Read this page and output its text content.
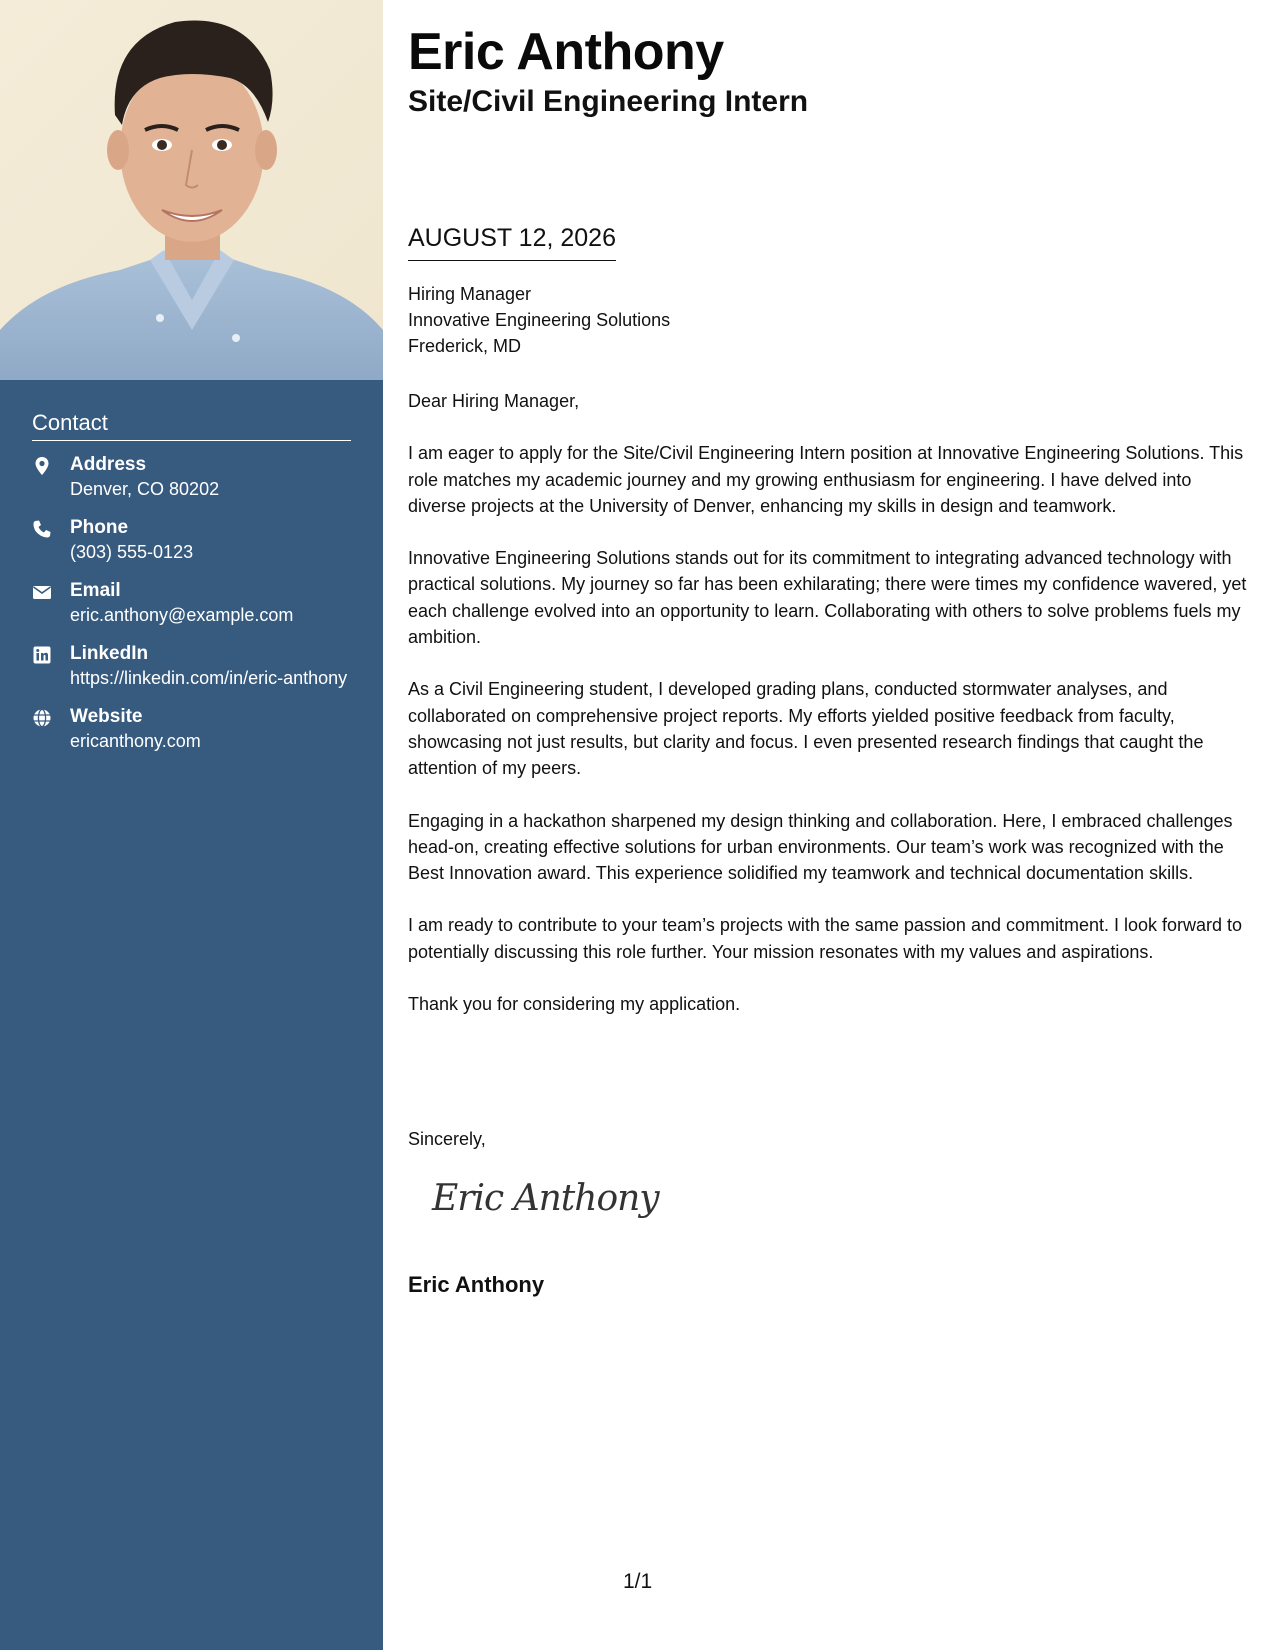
Contact
Address
Denver, CO 80202
Phone
(303) 555-0123
Email
eric.anthony@example.com
LinkedIn
https://linkedin.com/in/eric-anthony
Website
ericanthony.com
Eric Anthony
Site/Civil Engineering Intern
AUGUST 12, 2026
Hiring Manager
Innovative Engineering Solutions
Frederick, MD

Dear Hiring Manager,

I am eager to apply for the Site/Civil Engineering Intern position at Innovative Engineering Solutions. This role matches my academic journey and my growing enthusiasm for engineering. I have delved into diverse projects at the University of Denver, enhancing my skills in design and teamwork.

Innovative Engineering Solutions stands out for its commitment to integrating advanced technology with practical solutions. My journey so far has been exhilarating; there were times my confidence wavered, yet each challenge evolved into an opportunity to learn. Collaborating with others to solve problems fuels my ambition.

As a Civil Engineering student, I developed grading plans, conducted stormwater analyses, and collaborated on comprehensive project reports. My efforts yielded positive feedback from faculty, showcasing not just results, but clarity and focus. I even presented research findings that caught the attention of my peers.

Engaging in a hackathon sharpened my design thinking and collaboration. Here, I embraced challenges head-on, creating effective solutions for urban environments. Our team’s work was recognized with the Best Innovation award. This experience solidified my teamwork and technical documentation skills.

I am ready to contribute to your team’s projects with the same passion and commitment. I look forward to potentially discussing this role further. Your mission resonates with my values and aspirations.

Thank you for considering my application.

Sincerely,
Eric Anthony
Eric Anthony
1/1
